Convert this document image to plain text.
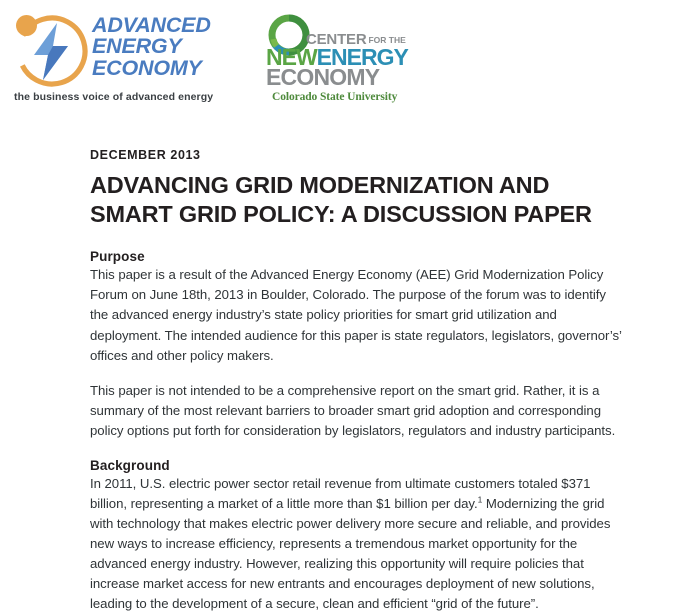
ADVANCED
ENERGY
ECONOMY
the business voice of advanced energy
CENTER FOR THE
NEWENERGY
ECONOMY
Colorado State University
DECEMBER 2013
ADVANCING GRID MODERNIZATION AND
SMART GRID POLICY: A DISCUSSION PAPER
Purpose

This paper is a result of the Advanced Energy Economy (AEE) Grid Modernization Policy Forum on June 18th, 2013 in Boulder, Colorado. The purpose of the forum was to identify the advanced energy industry’s state policy priorities for smart grid utilization and deployment. The intended audience for this paper is state regulators, legislators, governor’s’ offices and other policy makers.

This paper is not intended to be a comprehensive report on the smart grid. Rather, it is a summary of the most relevant barriers to broader smart grid adoption and corresponding policy options put forth for consideration by legislators, regulators and industry participants.

Background

In 2011, U.S. electric power sector retail revenue from ultimate customers totaled $371 billion, representing a market of a little more than $1 billion per day.$^1$ Modernizing the grid with technology that makes electric power delivery more secure and reliable, and provides new ways to increase efficiency, represents a tremendous market opportunity for the advanced energy industry. However, realizing this opportunity will require policies that increase market access for new entrants and encourages deployment of new solutions, leading to the development of a secure, clean and efficient “grid of the future”.
